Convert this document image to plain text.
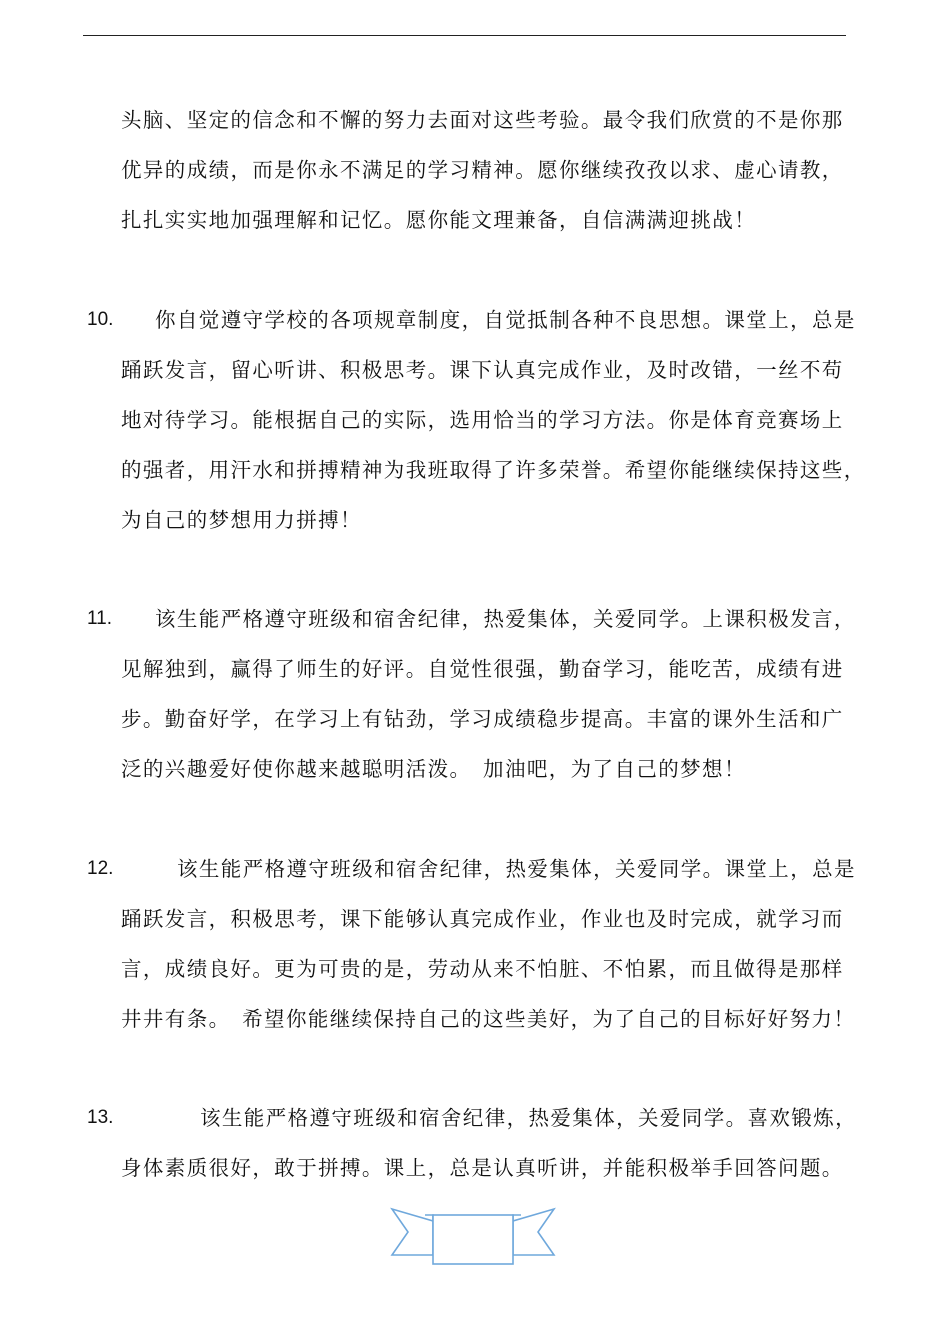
头脑、坚定的信念和不懈的努力去面对这些考验。最令我们欣赏的不是你那
优异的成绩，而是你永不满足的学习精神。愿你继续孜孜以求、虚心请教，
扎扎实实地加强理解和记忆。愿你能文理兼备，自信满满迎挑战！
10. 你自觉遵守学校的各项规章制度，自觉抵制各种不良思想。课堂上，总是
踊跃发言，留心听讲、积极思考。课下认真完成作业，及时改错，一丝不苟
地对待学习。能根据自己的实际，选用恰当的学习方法。你是体育竞赛场上
的强者，用汗水和拼搏精神为我班取得了许多荣誉。希望你能继续保持这些，
为自己的梦想用力拼搏！
11. 该生能严格遵守班级和宿舍纪律，热爱集体，关爱同学。上课积极发言，
见解独到，赢得了师生的好评。自觉性很强，勤奋学习，能吃苦，成绩有进
步。勤奋好学，在学习上有钻劲，学习成绩稳步提高。丰富的课外生活和广
泛的兴趣爱好使你越来越聪明活泼。　加油吧，为了自己的梦想！
12.	该生能严格遵守班级和宿舍纪律，热爱集体，关爱同学。课堂上，总是
踊跃发言，积极思考，课下能够认真完成作业，作业也及时完成，就学习而
言，成绩良好。更为可贵的是，劳动从来不怕脏、不怕累，而且做得是那样
井井有条。　希望你能继续保持自己的这些美好，为了自己的目标好好努力！
13.	该生能严格遵守班级和宿舍纪律，热爱集体，关爱同学。喜欢锻炼，
身体素质很好，敢于拼搏。课上，总是认真听讲，并能积极举手回答问题。
